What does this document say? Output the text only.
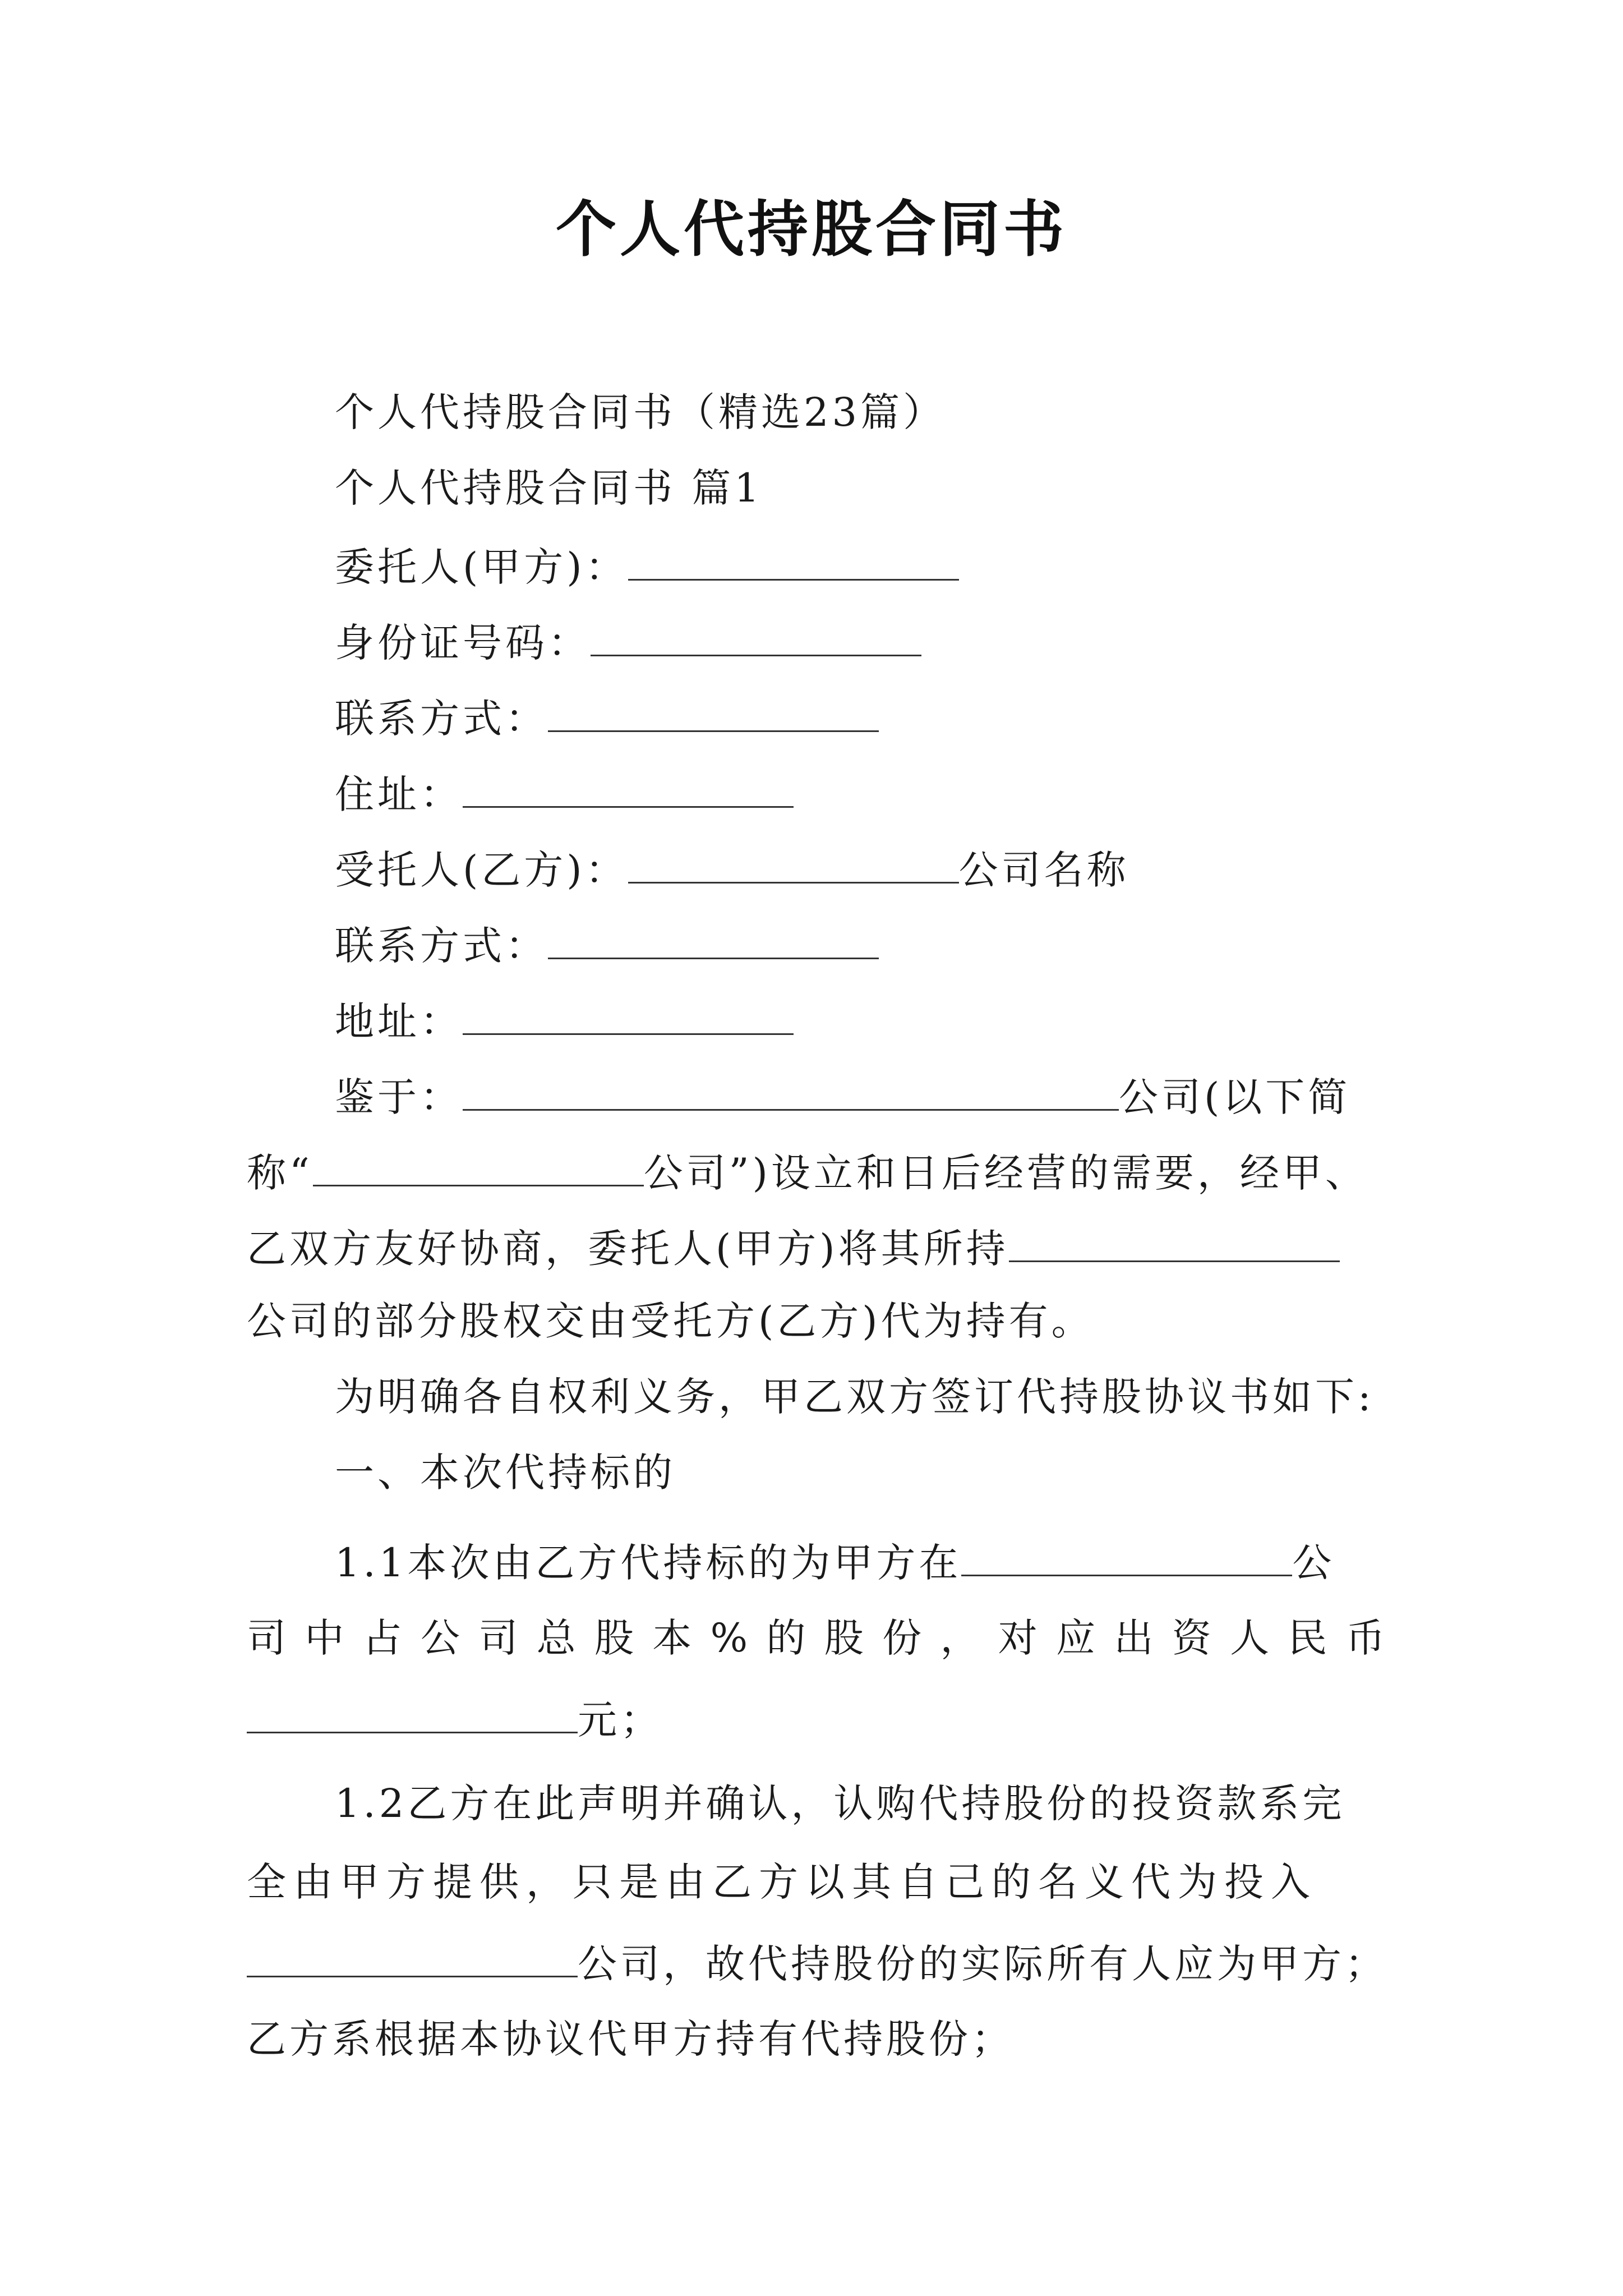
个人代持股合同书
个人代持股合同书（精选23篇）
个人代持股合同书 篇1
委托人(甲方)：
身份证号码：
联系方式：
住址：
受托人(乙方)：	公司名称
联系方式：
地址：
鉴于：	公司(以下简
称“	公司”)设立和日后经营的需要，经甲、
乙双方友好协商，委托人(甲方)将其所持
公司的部分股权交由受托方(乙方)代为持有。
为明确各自权利义务，甲乙双方签订代持股协议书如下:
一、本次代持标的
1.1本次由乙方代持标的为甲方在	公
司 中 占 公 司 总 股 本 % 的 股 份 ， 对 应 出 资 人 民 币
元；
1.2乙方在此声明并确认，认购代持股份的投资款系完
全由甲方提供，只是由乙方以其自己的名义代为投入
公司，故代持股份的实际所有人应为甲方；
乙方系根据本协议代甲方持有代持股份；
